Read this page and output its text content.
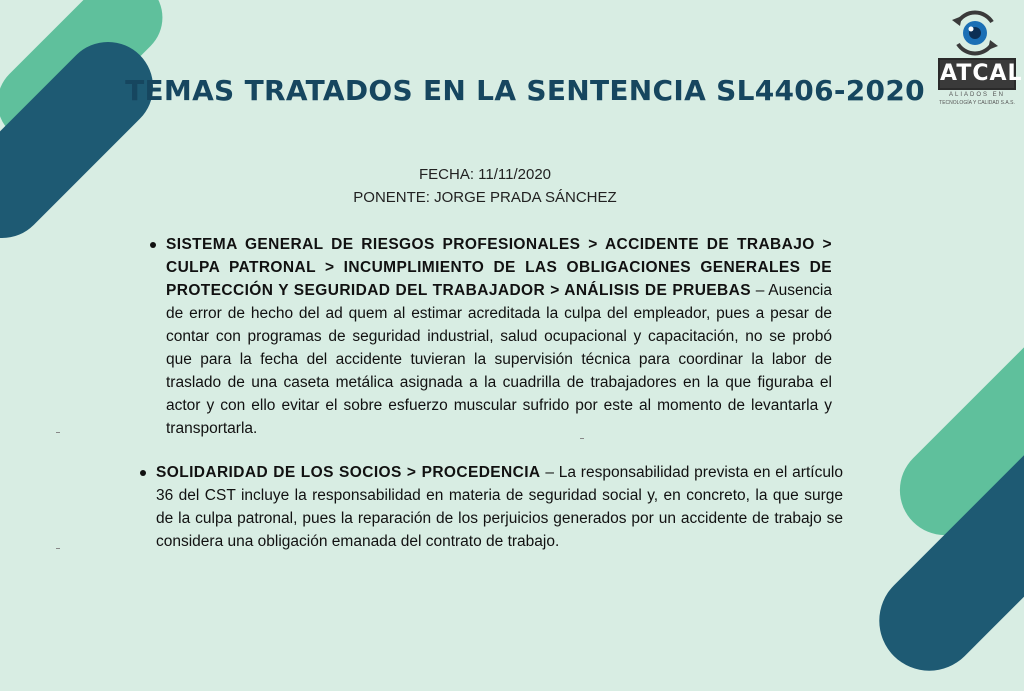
ATCAL
ALIADOS EN
TECNOLOGÍA Y CALIDAD S.A.S.
TEMAS TRATADOS EN LA SENTENCIA SL4406-2020
FECHA: 11/11/2020
PONENTE: JORGE PRADA SÁNCHEZ
SISTEMA GENERAL DE RIESGOS PROFESIONALES > ACCIDENTE DE TRABAJO > CULPA PATRONAL > INCUMPLIMIENTO DE LAS OBLIGACIONES GENERALES DE PROTECCIÓN Y SEGURIDAD DEL TRABAJADOR > ANÁLISIS DE PRUEBAS – Ausencia de error de hecho del ad quem al estimar acreditada la culpa del empleador, pues a pesar de contar con programas de seguridad industrial, salud ocupacional y capacitación, no se probó que para la fecha del accidente tuvieran la supervisión técnica para coordinar la labor de traslado de una caseta metálica asignada a la cuadrilla de trabajadores en la que figuraba el actor y con ello evitar el sobre esfuerzo muscular sufrido por este al momento de levantarla y transportarla.
SOLIDARIDAD DE LOS SOCIOS > PROCEDENCIA – La responsabilidad prevista en el artículo 36 del CST incluye la responsabilidad en materia de seguridad social y, en concreto, la que surge de la culpa patronal, pues la reparación de los perjuicios generados por un accidente de trabajo se considera una obligación emanada del contrato de trabajo.
